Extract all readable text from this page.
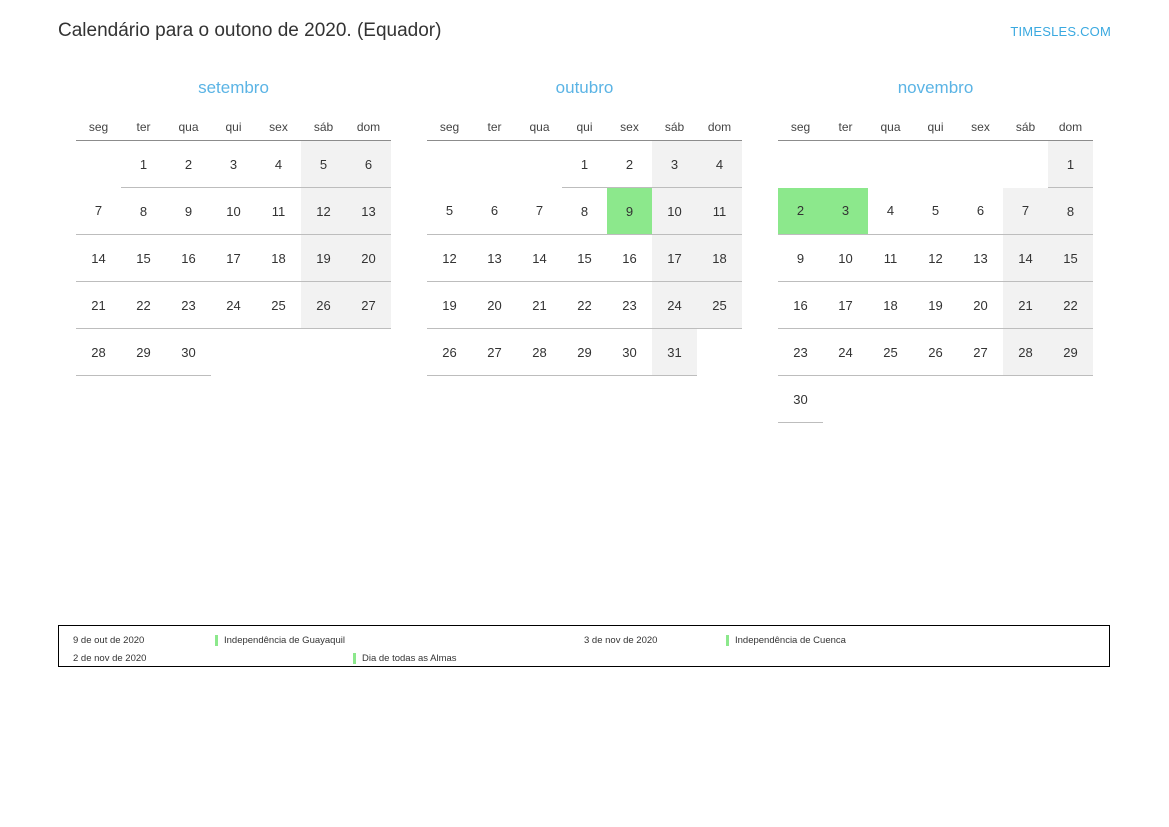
Calendário para o outono de 2020. (Equador)	TIMESLES.COM
setembro
seg	ter	qua	qui	sex	sáb	dom
	1	2	3	4	5	6
7	8	9	10	11	12	13
14	15	16	17	18	19	20
21	22	23	24	25	26	27
28	29	30				
outubro
seg	ter	qua	qui	sex	sáb	dom
			1	2	3	4
5	6	7	8	9	10	11
12	13	14	15	16	17	18
19	20	21	22	23	24	25
26	27	28	29	30	31	
novembro
seg	ter	qua	qui	sex	sáb	dom
						1
2	3	4	5	6	7	8
9	10	11	12	13	14	15
16	17	18	19	20	21	22
23	24	25	26	27	28	29
30						
9 de out de 2020	Independência de Guayaquil	3 de nov de 2020	Independência de Cuenca
2 de nov de 2020	Dia de todas as Almas
